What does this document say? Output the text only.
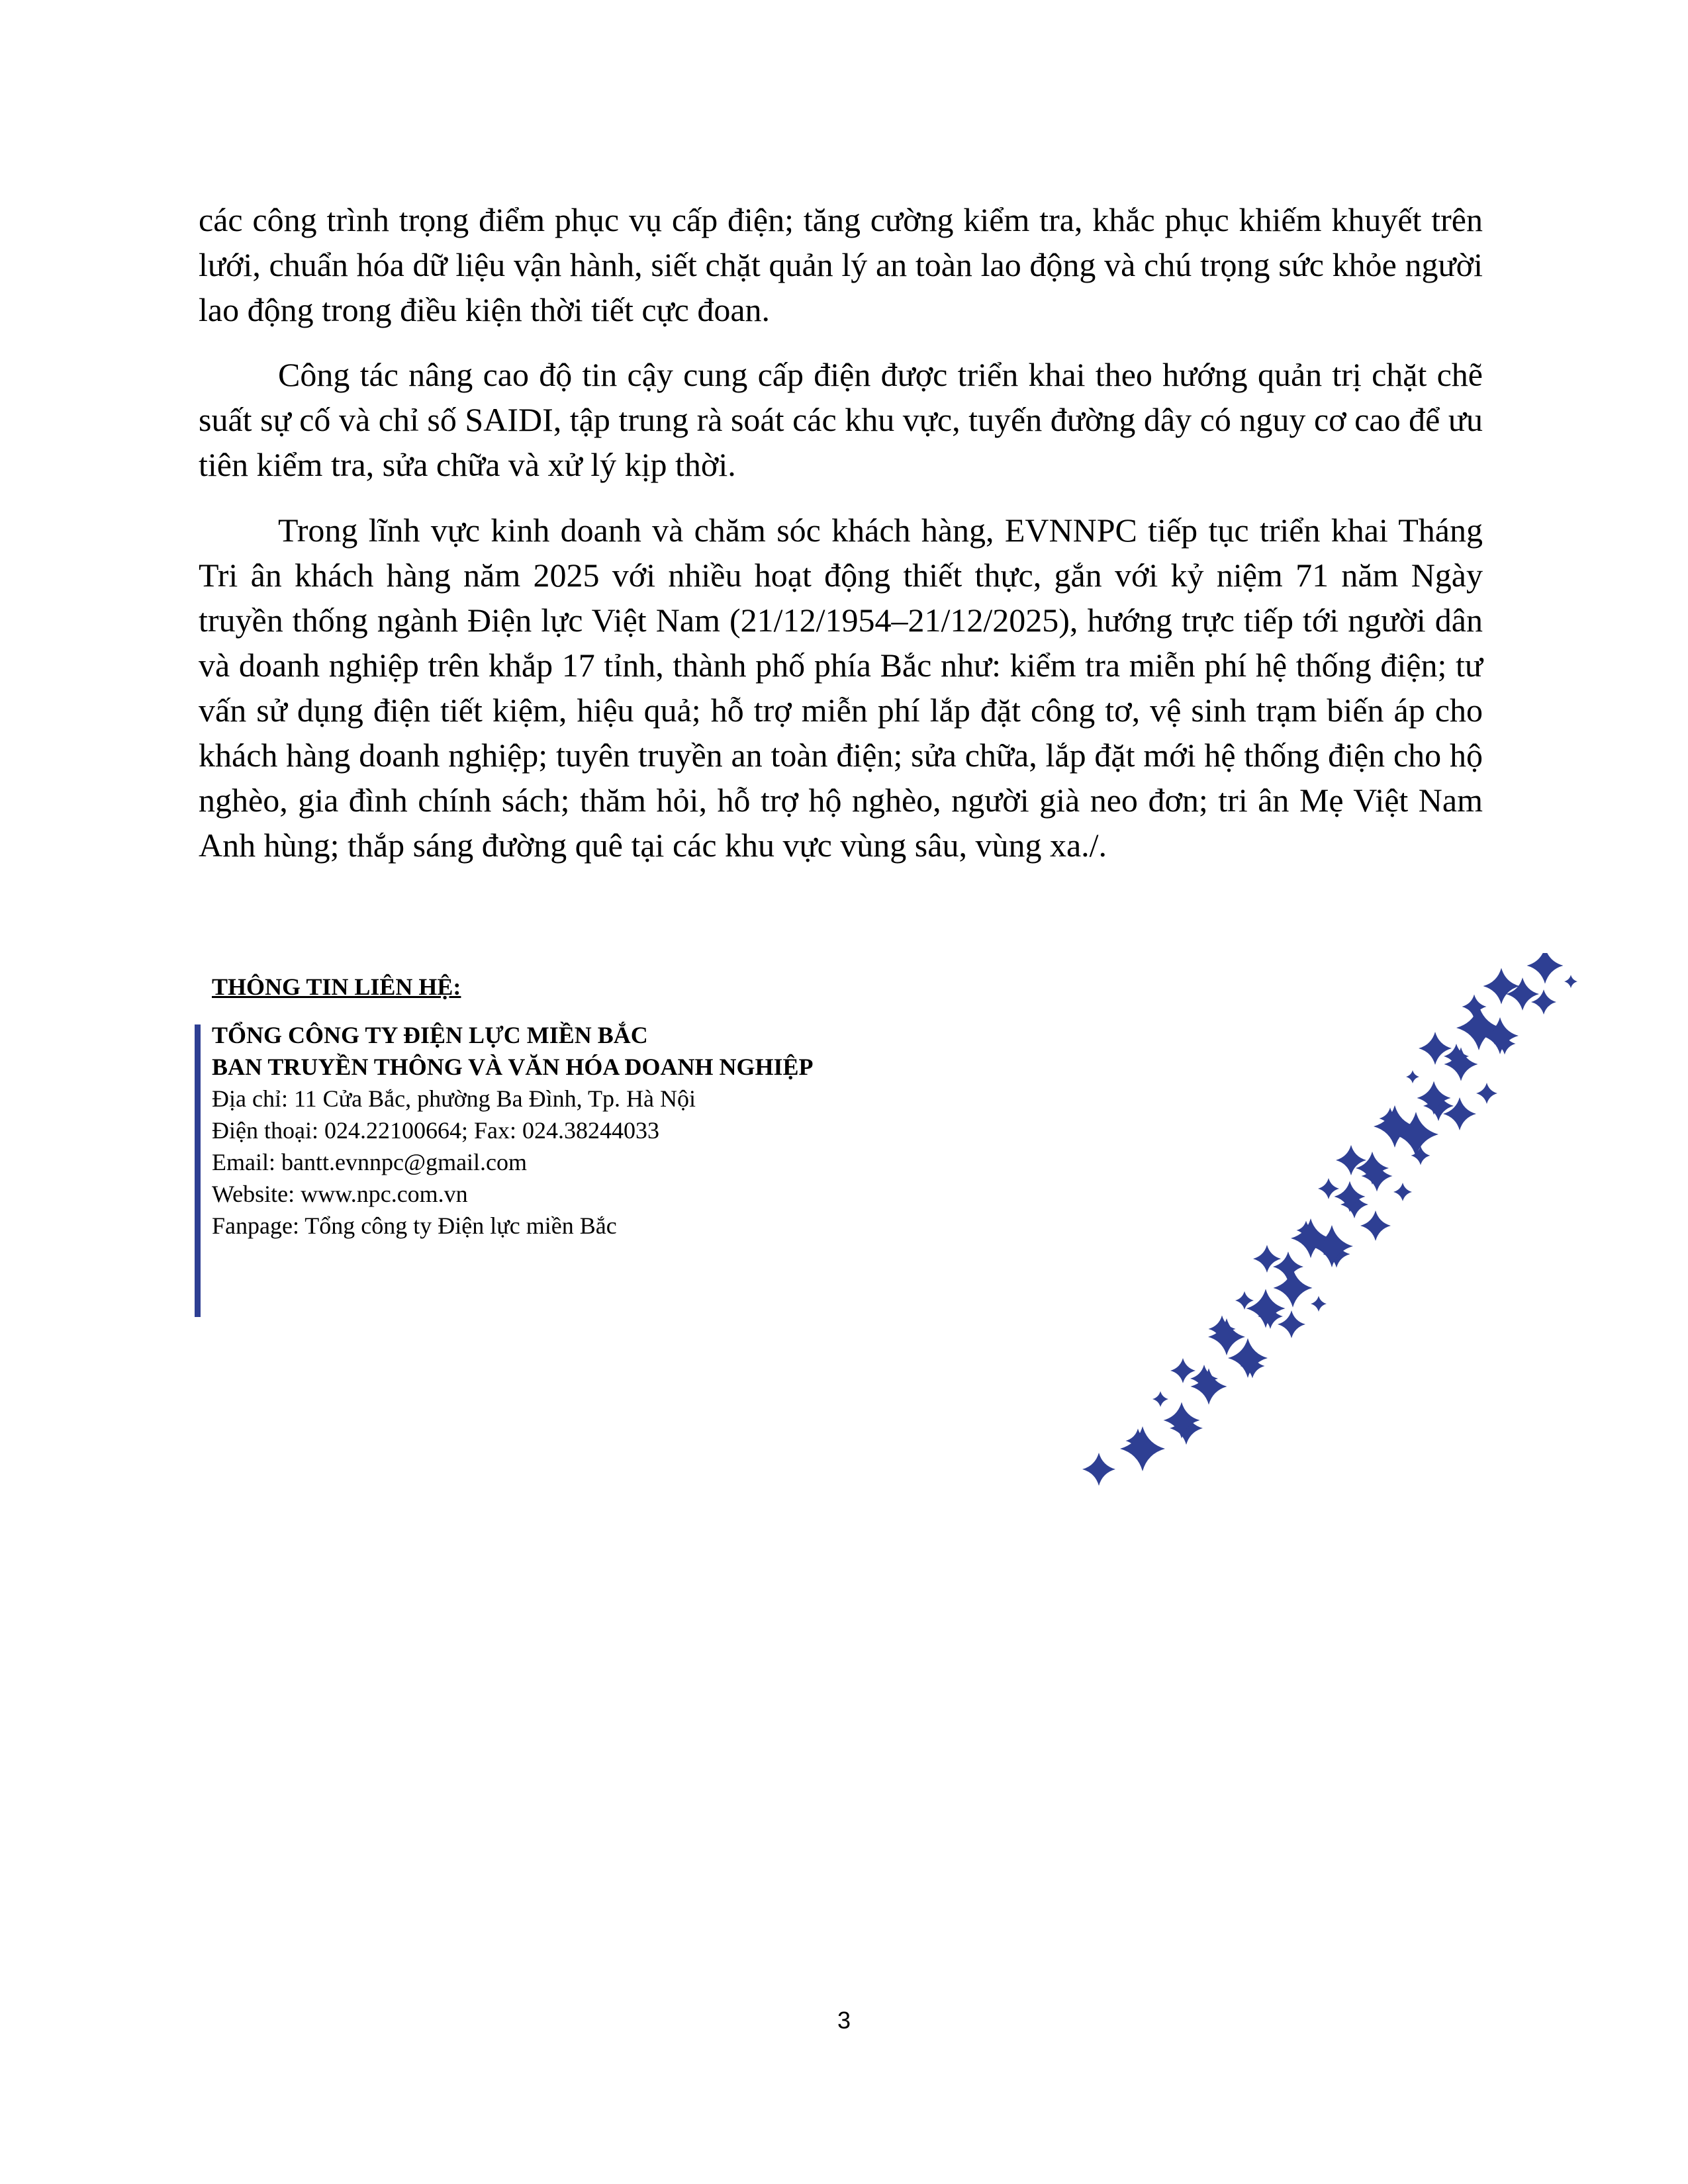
các công trình trọng điểm phục vụ cấp điện; tăng cường kiểm tra, khắc phục khiếm khuyết trên lưới, chuẩn hóa dữ liệu vận hành, siết chặt quản lý an toàn lao động và chú trọng sức khỏe người lao động trong điều kiện thời tiết cực đoan.

Công tác nâng cao độ tin cậy cung cấp điện được triển khai theo hướng quản trị chặt chẽ suất sự cố và chỉ số SAIDI, tập trung rà soát các khu vực, tuyến đường dây có nguy cơ cao để ưu tiên kiểm tra, sửa chữa và xử lý kịp thời.

Trong lĩnh vực kinh doanh và chăm sóc khách hàng, EVNNPC tiếp tục triển khai Tháng Tri ân khách hàng năm 2025 với nhiều hoạt động thiết thực, gắn với kỷ niệm 71 năm Ngày truyền thống ngành Điện lực Việt Nam (21/12/1954–21/12/2025), hướng trực tiếp tới người dân và doanh nghiệp trên khắp 17 tỉnh, thành phố phía Bắc như: kiểm tra miễn phí hệ thống điện; tư vấn sử dụng điện tiết kiệm, hiệu quả; hỗ trợ miễn phí lắp đặt công tơ, vệ sinh trạm biến áp cho khách hàng doanh nghiệp; tuyên truyền an toàn điện; sửa chữa, lắp đặt mới hệ thống điện cho hộ nghèo, gia đình chính sách; thăm hỏi, hỗ trợ hộ nghèo, người già neo đơn; tri ân Mẹ Việt Nam Anh hùng; thắp sáng đường quê tại các khu vực vùng sâu, vùng xa./.

THÔNG TIN LIÊN HỆ:

TỔNG CÔNG TY ĐIỆN LỰC MIỀN BẮC
BAN TRUYỀN THÔNG VÀ VĂN HÓA DOANH NGHIỆP
Địa chỉ: 11 Cửa Bắc, phường Ba Đình, Tp. Hà Nội
Điện thoại: 024.22100664; Fax: 024.38244033
Email: bantt.evnnpc@gmail.com
Website: www.npc.com.vn
Fanpage: Tổng công ty Điện lực miền Bắc
3
